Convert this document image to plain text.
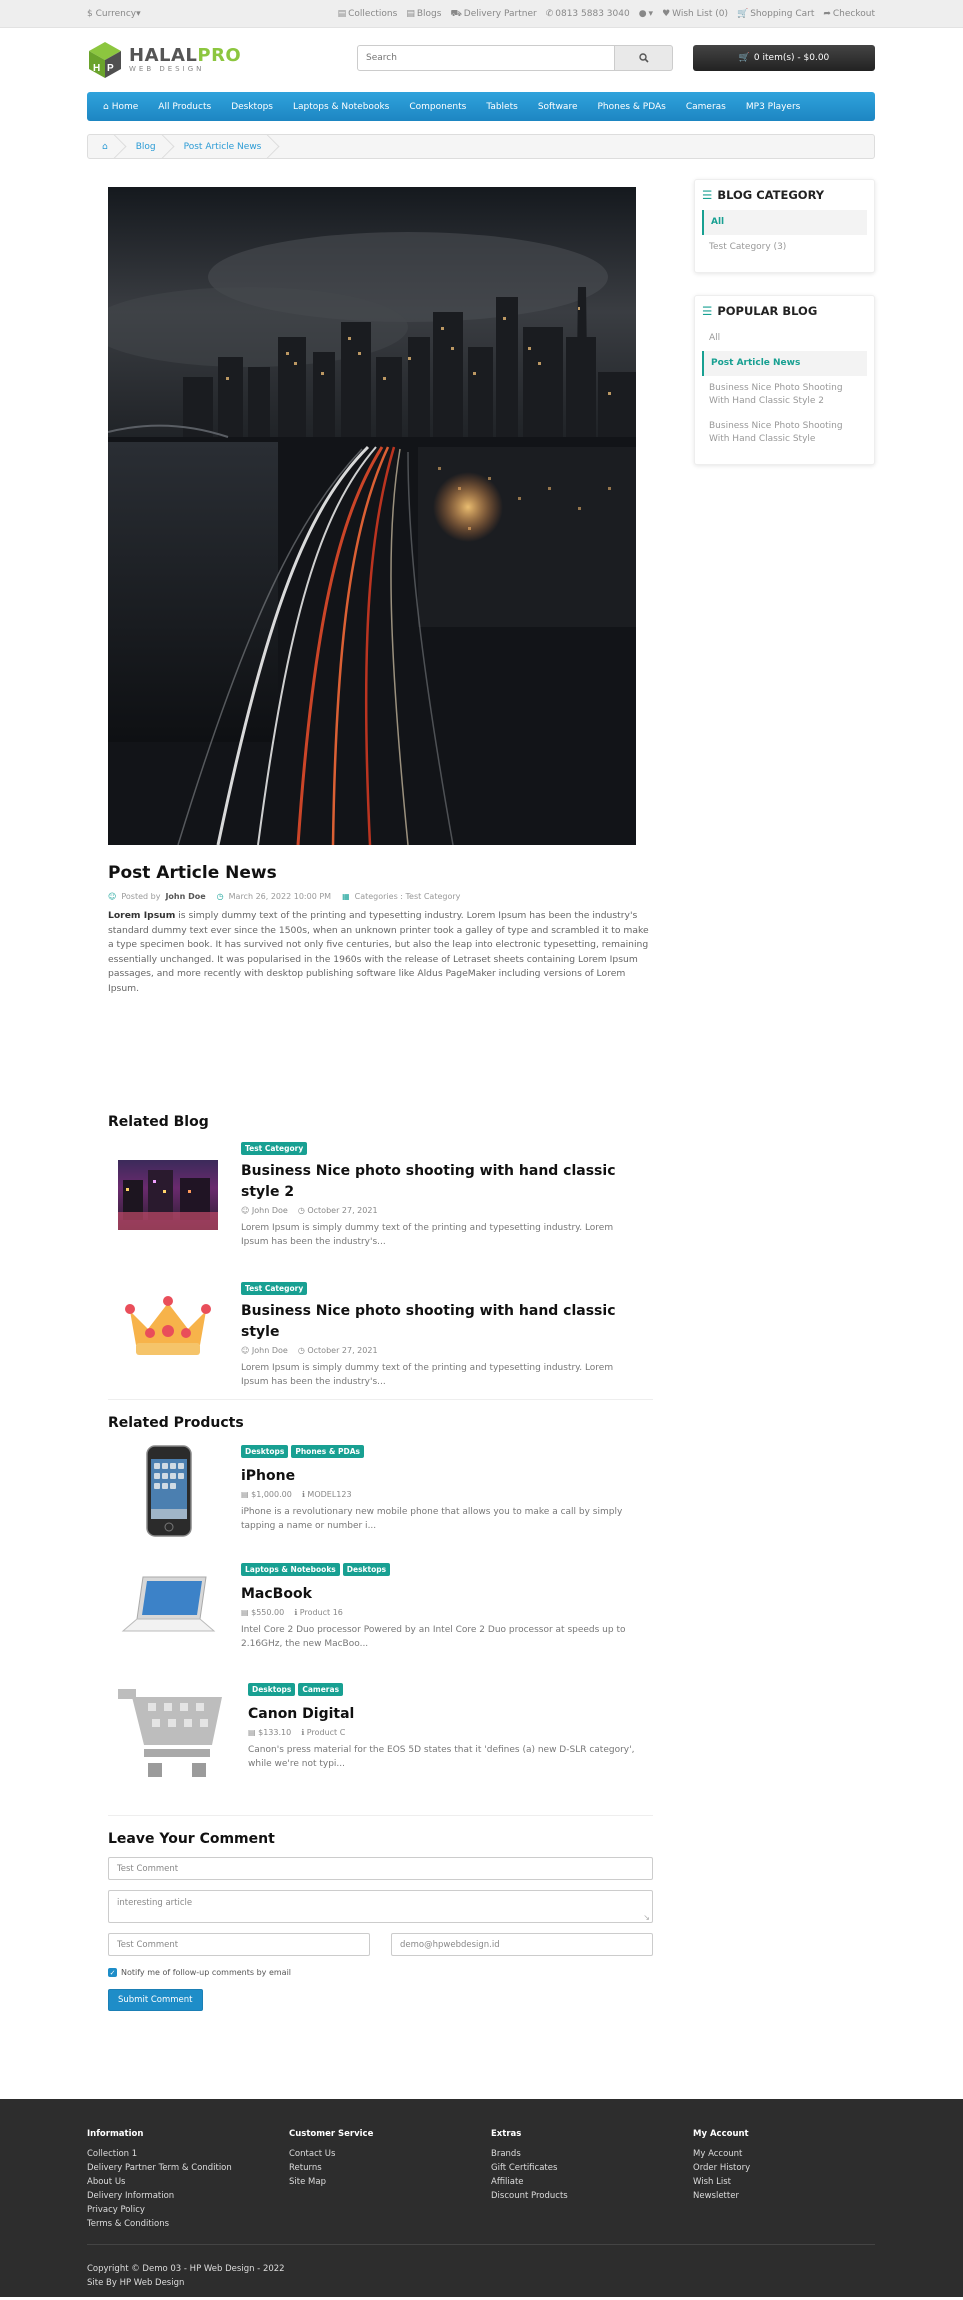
$ Currency ▾	▤ Collections ▤ Blogs ⛟ Delivery Partner ✆ 0813 5883 3040 ● ▾ ♥ Wish List (0) 🛒 Shopping Cart ➦ Checkout
H P
HALALPRO
WEB DESIGN
Search
🛒 0 item(s) - $0.00
⌂ Home All Products Desktops Laptops & Notebooks Components Tablets Software Phones & PDAs Cameras MP3 Players
⌂	Blog	Post Article News
Post Article News
☺ Posted by John Doe ◷ March 26, 2022 10:00 PM ▦ Categories : Test Category

Lorem Ipsum is simply dummy text of the printing and typesetting industry. Lorem Ipsum has been the industry's standard dummy text ever since the 1500s, when an unknown printer took a galley of type and scrambled it to make a type specimen book. It has survived not only five centuries, but also the leap into electronic typesetting, remaining essentially unchanged. It was popularised in the 1960s with the release of Letraset sheets containing Lorem Ipsum passages, and more recently with desktop publishing software like Aldus PageMaker including versions of Lorem Ipsum.

Related Blog
Test Category
Business Nice photo shooting with hand classic style 2
☺ John Doe ◷ October 27, 2021
Lorem Ipsum is simply dummy text of the printing and typesetting industry. Lorem Ipsum has been the industry's...
Test Category
Business Nice photo shooting with hand classic style
☺ John Doe ◷ October 27, 2021
Lorem Ipsum is simply dummy text of the printing and typesetting industry. Lorem Ipsum has been the industry's...
Related Products
Desktops Phones & PDAs
iPhone
▤ $1,000.00 ℹ MODEL123
iPhone is a revolutionary new mobile phone that allows you to make a call by simply tapping a name or number i...
Laptops & Notebooks Desktops
MacBook
▤ $550.00 ℹ Product 16
Intel Core 2 Duo processor Powered by an Intel Core 2 Duo processor at speeds up to 2.16GHz, the new MacBoo...
Desktops Cameras
Canon Digital
▤ $133.10 ℹ Product C
Canon's press material for the EOS 5D states that it 'defines (a) new D-SLR category', while we're not typi...
Leave Your Comment
Test Comment
interesting article
↘
Test Comment	demo@hpwebdesign.id
✓ Notify me of follow-up comments by email
Submit Comment
☰ BLOG CATEGORY
All
Test Category (3)
☰ POPULAR BLOG
All
Post Article News
Business Nice Photo Shooting With Hand Classic Style 2
Business Nice Photo Shooting With Hand Classic Style
Information
Collection 1
Delivery Partner Term & Condition
About Us
Delivery Information
Privacy Policy
Terms & Conditions
Customer Service
Contact Us
Returns
Site Map
Extras
Brands
Gift Certificates
Affiliate
Discount Products
My Account
My Account
Order History
Wish List
Newsletter
Copyright © Demo 03 - HP Web Design - 2022
Site By HP Web Design
